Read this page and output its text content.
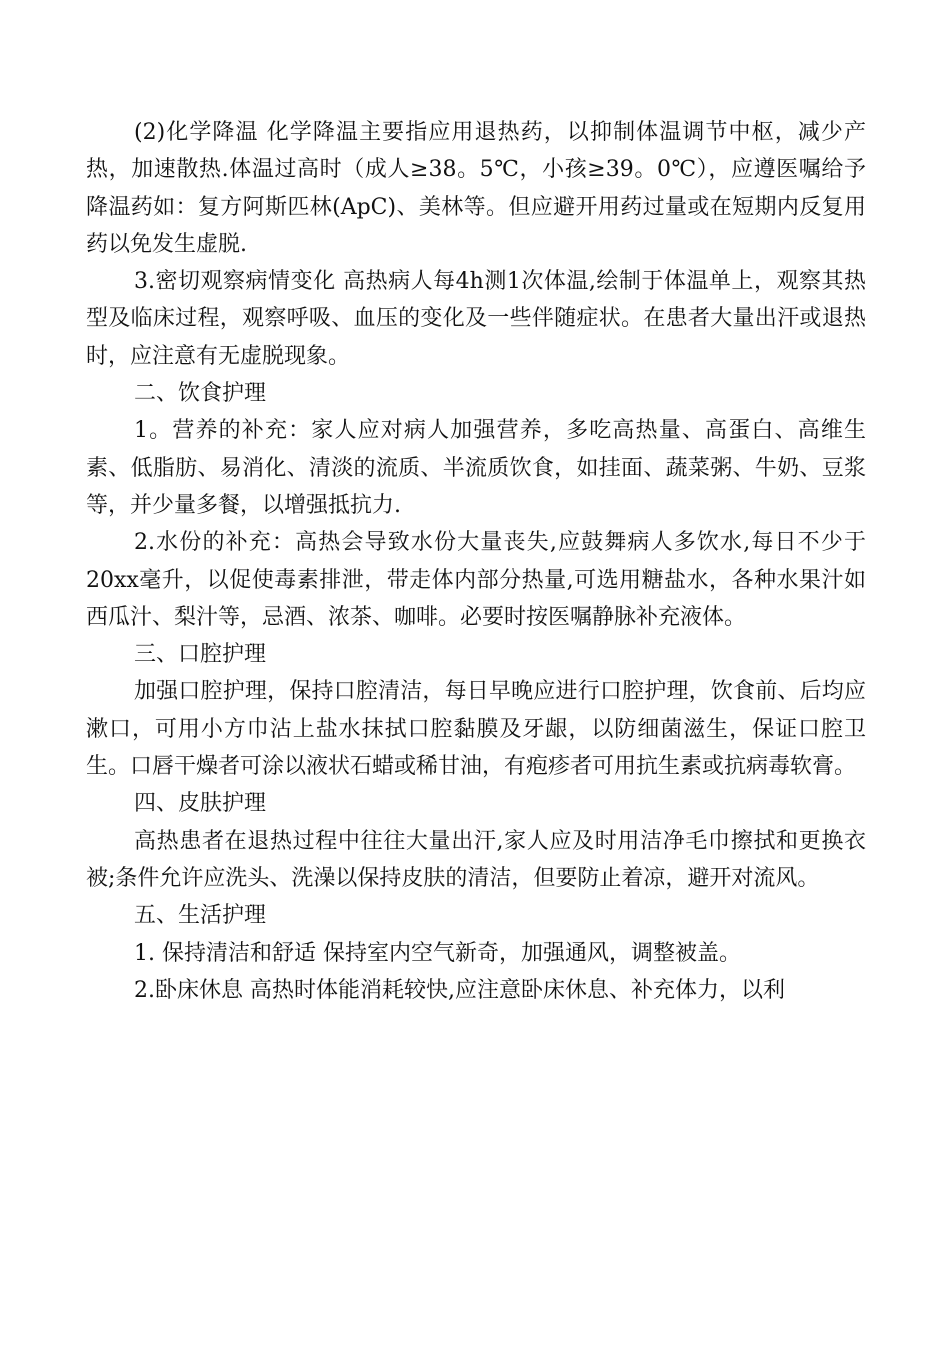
(2)化学降温 化学降温主要指应用退热药，以抑制体温调节中枢，减少产热，加速散热.体温过高时（成人≥38。5℃，小孩≥39。0℃），应遵医嘱给予降温药如：复方阿斯匹林(ApC)、美林等。但应避开用药过量或在短期内反复用药以免发生虚脱.

3.密切观察病情变化 高热病人每4h测1次体温,绘制于体温单上，观察其热型及临床过程，观察呼吸、血压的变化及一些伴随症状。在患者大量出汗或退热时，应注意有无虚脱现象。

二、饮食护理

1。营养的补充：家人应对病人加强营养，多吃高热量、高蛋白、高维生素、低脂肪、易消化、清淡的流质、半流质饮食，如挂面、蔬菜粥、牛奶、豆浆等，并少量多餐，以增强抵抗力.

2.水份的补充：高热会导致水份大量丧失,应鼓舞病人多饮水,每日不少于20xx毫升，以促使毒素排泄，带走体内部分热量,可选用糖盐水，各种水果汁如西瓜汁、梨汁等，忌酒、浓茶、咖啡。必要时按医嘱静脉补充液体。

三、口腔护理

加强口腔护理，保持口腔清洁，每日早晚应进行口腔护理，饮食前、后均应漱口，可用小方巾沾上盐水抹拭口腔黏膜及牙龈，以防细菌滋生，保证口腔卫生。口唇干燥者可涂以液状石蜡或稀甘油，有疱疹者可用抗生素或抗病毒软膏。

四、皮肤护理

高热患者在退热过程中往往大量出汗,家人应及时用洁净毛巾擦拭和更换衣被;条件允许应洗头、洗澡以保持皮肤的清洁，但要防止着凉，避开对流风。

五、生活护理

1. 保持清洁和舒适 保持室内空气新奇，加强通风，调整被盖。

2.卧床休息 高热时体能消耗较快,应注意卧床休息、补充体力，以利
